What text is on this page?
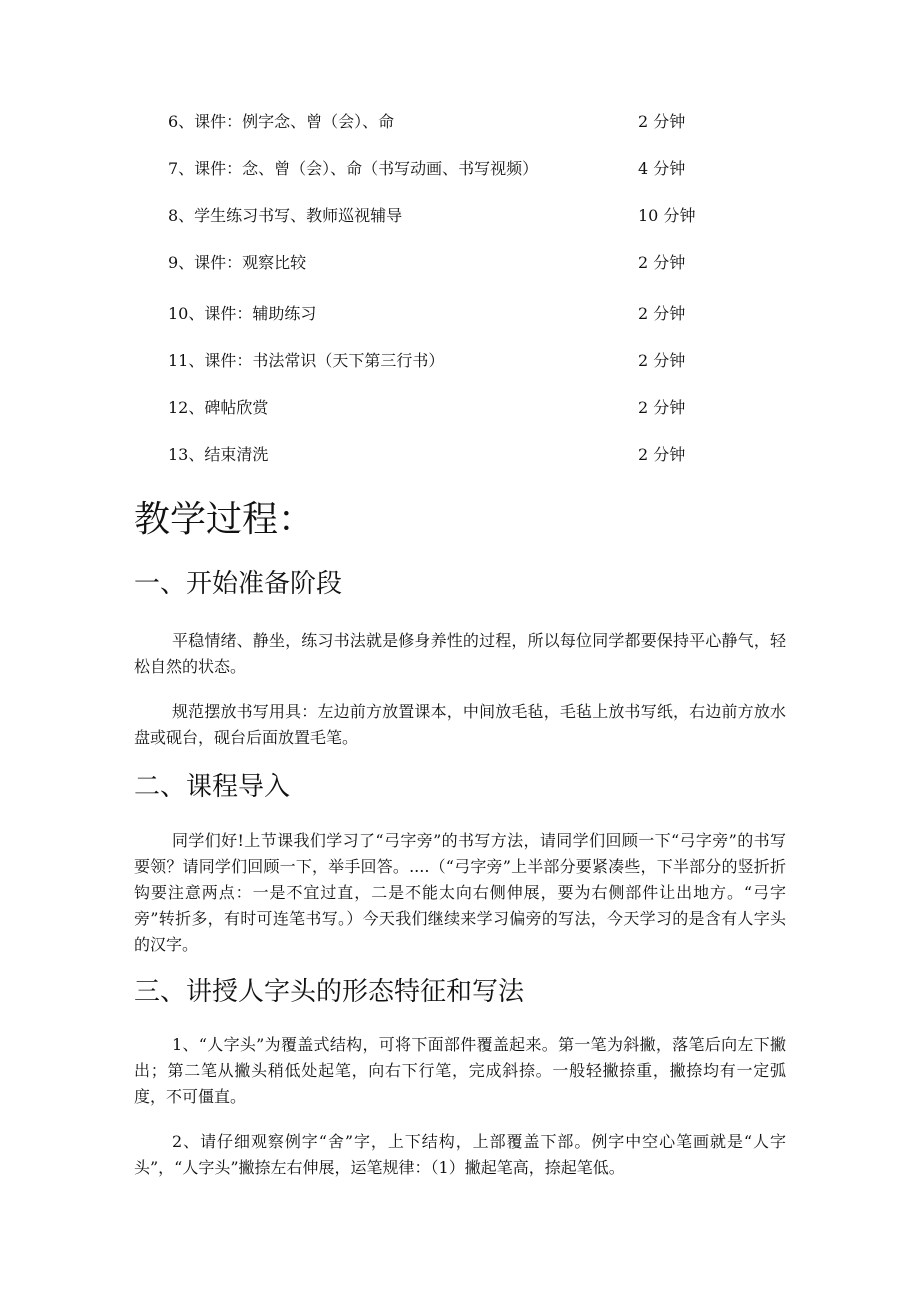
6、课件：例字念、曾（会）、命	2 分钟
7、课件：念、曾（会）、命（书写动画、书写视频）	4 分钟
8、学生练习书写、教师巡视辅导	10 分钟
9、课件：观察比较	2 分钟
10、课件：辅助练习	2 分钟
11、课件：书法常识（天下第三行书）	2 分钟
12、碑帖欣赏	2 分钟
13、结束清洗	2 分钟
教学过程：
一、开始准备阶段

平稳情绪、静坐，练习书法就是修身养性的过程，所以每位同学都要保持平心静气，轻松自然的状态。

规范摆放书写用具：左边前方放置课本，中间放毛毡，毛毡上放书写纸，右边前方放水盘或砚台，砚台后面放置毛笔。

二、课程导入

同学们好!上节课我们学习了“弓字旁”的书写方法，请同学们回顾一下“弓字旁”的书写要领？请同学们回顾一下，举手回答。....（“弓字旁”上半部分要紧凑些，下半部分的竖折折钩要注意两点：一是不宜过直，二是不能太向右侧伸展，要为右侧部件让出地方。“弓字旁”转折多，有时可连笔书写。）今天我们继续来学习偏旁的写法，今天学习的是含有人字头的汉字。

三、讲授人字头的形态特征和写法

1、“人字头”为覆盖式结构，可将下面部件覆盖起来。第一笔为斜撇，落笔后向左下撇出；第二笔从撇头稍低处起笔，向右下行笔，完成斜捺。一般轻撇捺重，撇捺均有一定弧度，不可僵直。

2、请仔细观察例字“舍”字，上下结构，上部覆盖下部。例字中空心笔画就是“人字头”，“人字头”撇捺左右伸展，运笔规律：（1）撇起笔高，捺起笔低。
